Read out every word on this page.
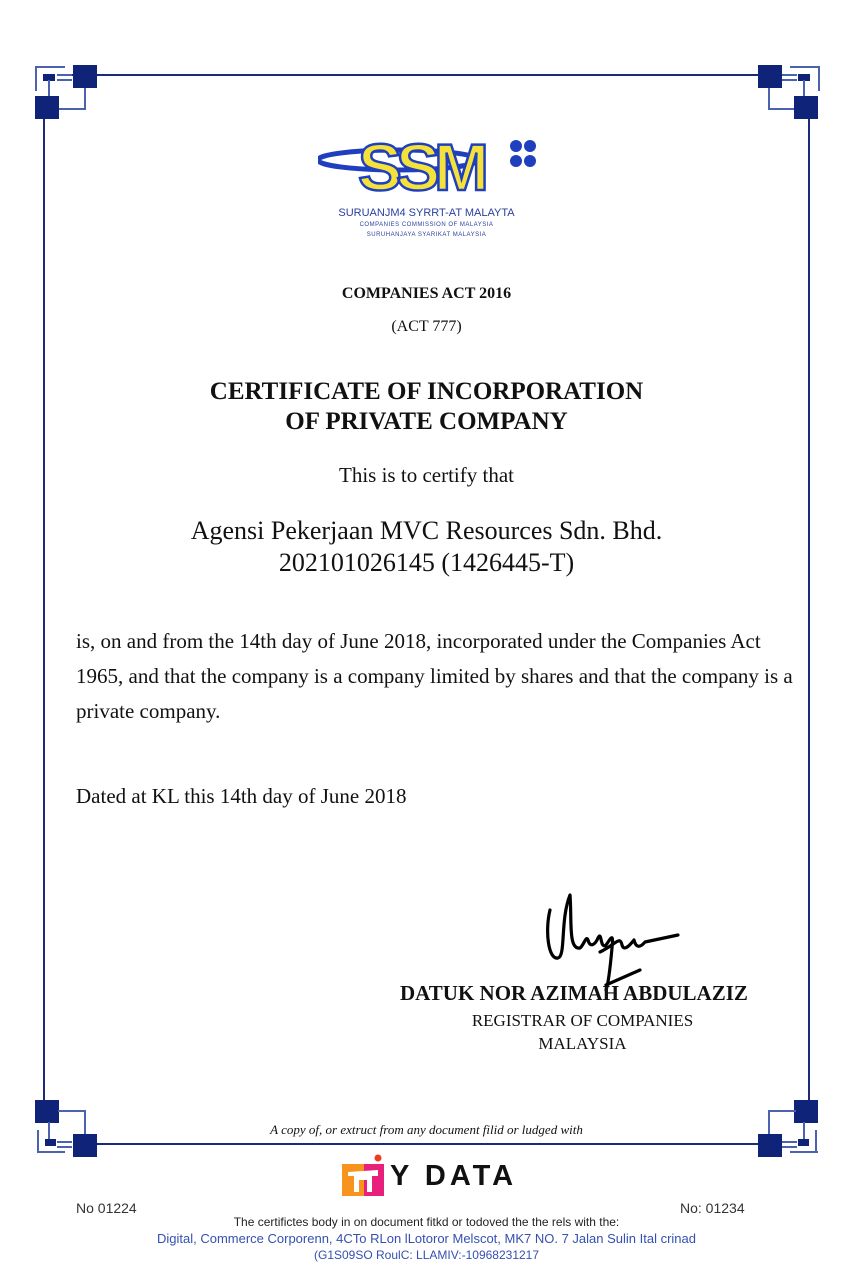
SSM
SURUANJM4 SYRRT-AT MALAYTA
COMPANIES COMMISSION OF MALAYSIA
SURUHANJAYA SYARIKAT MALAYSIA
COMPANIES ACT 2016
(ACT 777)
CERTIFICATE OF INCORPORATION
OF PRIVATE COMPANY
This is to certify that
Agensi Pekerjaan MVC Resources Sdn. Bhd.
202101026145 (1426445-T)
is, on and from the 14th day of June 2018, incorporated under the Companies Act 1965, and that the company is a company limited by shares and that the company is a private company.
Dated at KL this 14th day of June 2018
DATUK NOR AZIMAH ABDULAZIZ
REGISTRAR OF COMPANIES
MALAYSIA
A copy of, or extruct from any document filid or ludged with
Y DATA
No 01224	No: 01234
The certifictes body in on document fitkd or todoved the the rels with the:
Digital, Commerce Corporenn, 4CTo RLon lLotoror Melscot, MK7 NO. 7 Jalan Sulin Ital crinad
(G1S09SO RoulC: LLAMIV:-10968231217
